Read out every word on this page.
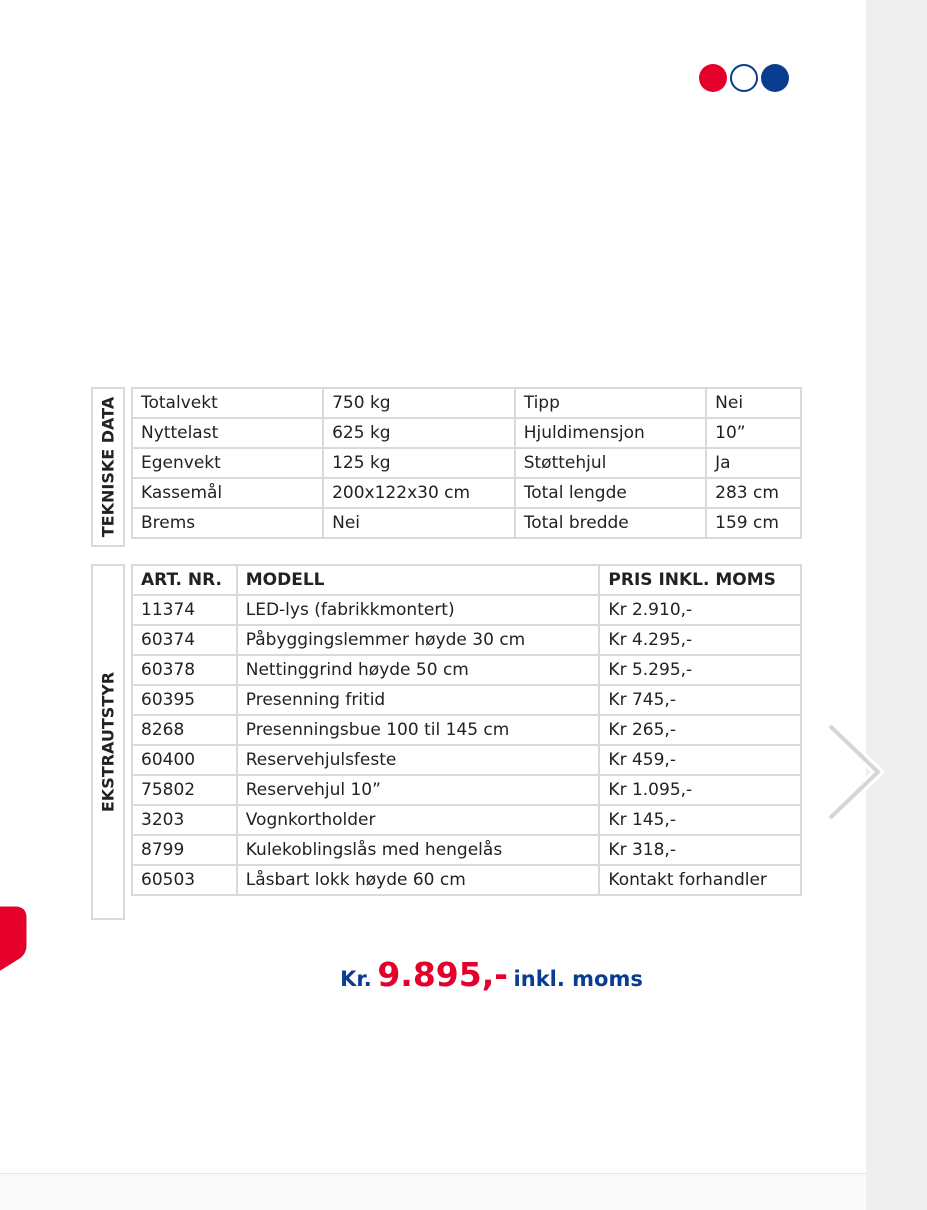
TEKNISKE DATA Totalvekt	750 kg	Tipp	Nei
Nyttelast	625 kg	Hjuldimensjon	10”
Egenvekt	125 kg	Støttehjul	Ja
Kassemål	200x122x30 cm	Total lengde	283 cm
Brems	Nei	Total bredde	159 cm
EKSTRAUTSTYR
ART. NR.	MODELL	PRIS INKL. MOMS
11374	LED-lys (fabrikkmontert)	Kr 2.910,-
60374	Påbyggingslemmer høyde 30 cm	Kr 4.295,-
60378	Nettinggrind høyde 50 cm	Kr 5.295,-
60395	Presenning fritid	Kr 745,-
8268	Presenningsbue 100 til 145 cm	Kr 265,-
60400	Reservehjulsfeste	Kr 459,-
75802	Reservehjul 10”	Kr 1.095,-
3203	Vognkortholder	Kr 145,-
8799	Kulekoblingslås med hengelås	Kr 318,-
60503	Låsbart lokk høyde 60 cm	Kontakt forhandler
Kr. 9.895,- inkl. moms
